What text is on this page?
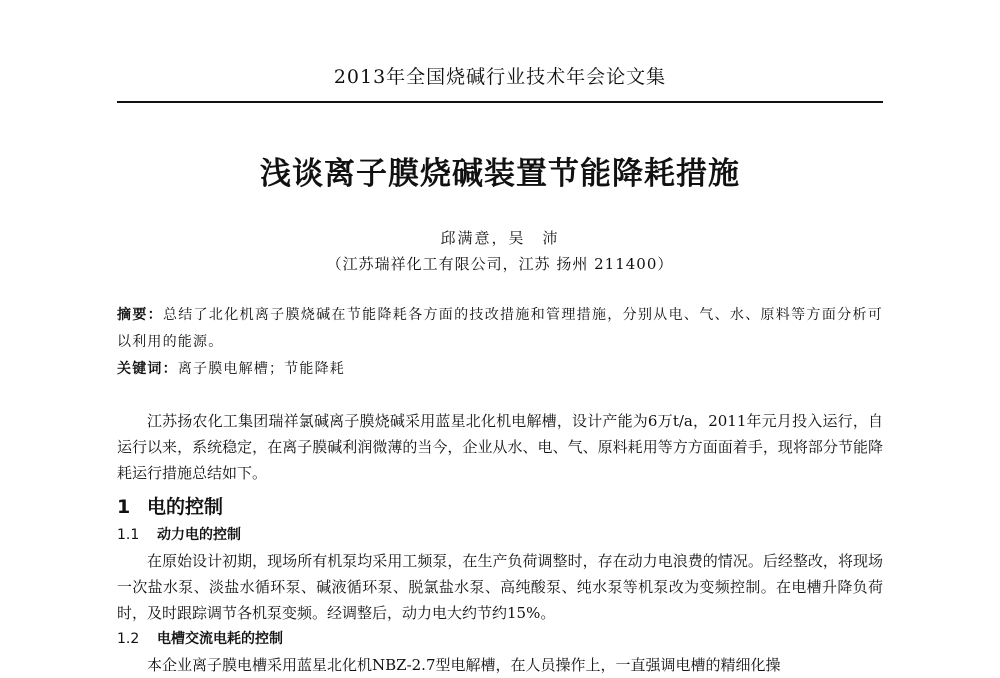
2013年全国烧碱行业技术年会论文集
浅谈离子膜烧碱装置节能降耗措施
邱满意，吴　沛
（江苏瑞祥化工有限公司，江苏 扬州 211400）
摘要：总结了北化机离子膜烧碱在节能降耗各方面的技改措施和管理措施，分别从电、气、水、原料等方面分析可以利用的能源。
关键词：离子膜电解槽；节能降耗
江苏扬农化工集团瑞祥氯碱离子膜烧碱采用蓝星北化机电解槽，设计产能为6万t/a，2011年元月投入运行，自运行以来，系统稳定，在离子膜碱利润微薄的当今，企业从水、电、气、原料耗用等方方面面着手，现将部分节能降耗运行措施总结如下。
1 电的控制
1.1 动力电的控制
在原始设计初期，现场所有机泵均采用工频泵，在生产负荷调整时，存在动力电浪费的情况。后经整改，将现场一次盐水泵、淡盐水循环泵、碱液循环泵、脱氯盐水泵、高纯酸泵、纯水泵等机泵改为变频控制。在电槽升降负荷时，及时跟踪调节各机泵变频。经调整后，动力电大约节约15%。
1.2 电槽交流电耗的控制
本企业离子膜电槽采用蓝星北化机NBZ-2.7型电解槽，在人员操作上，一直强调电槽的精细化操
